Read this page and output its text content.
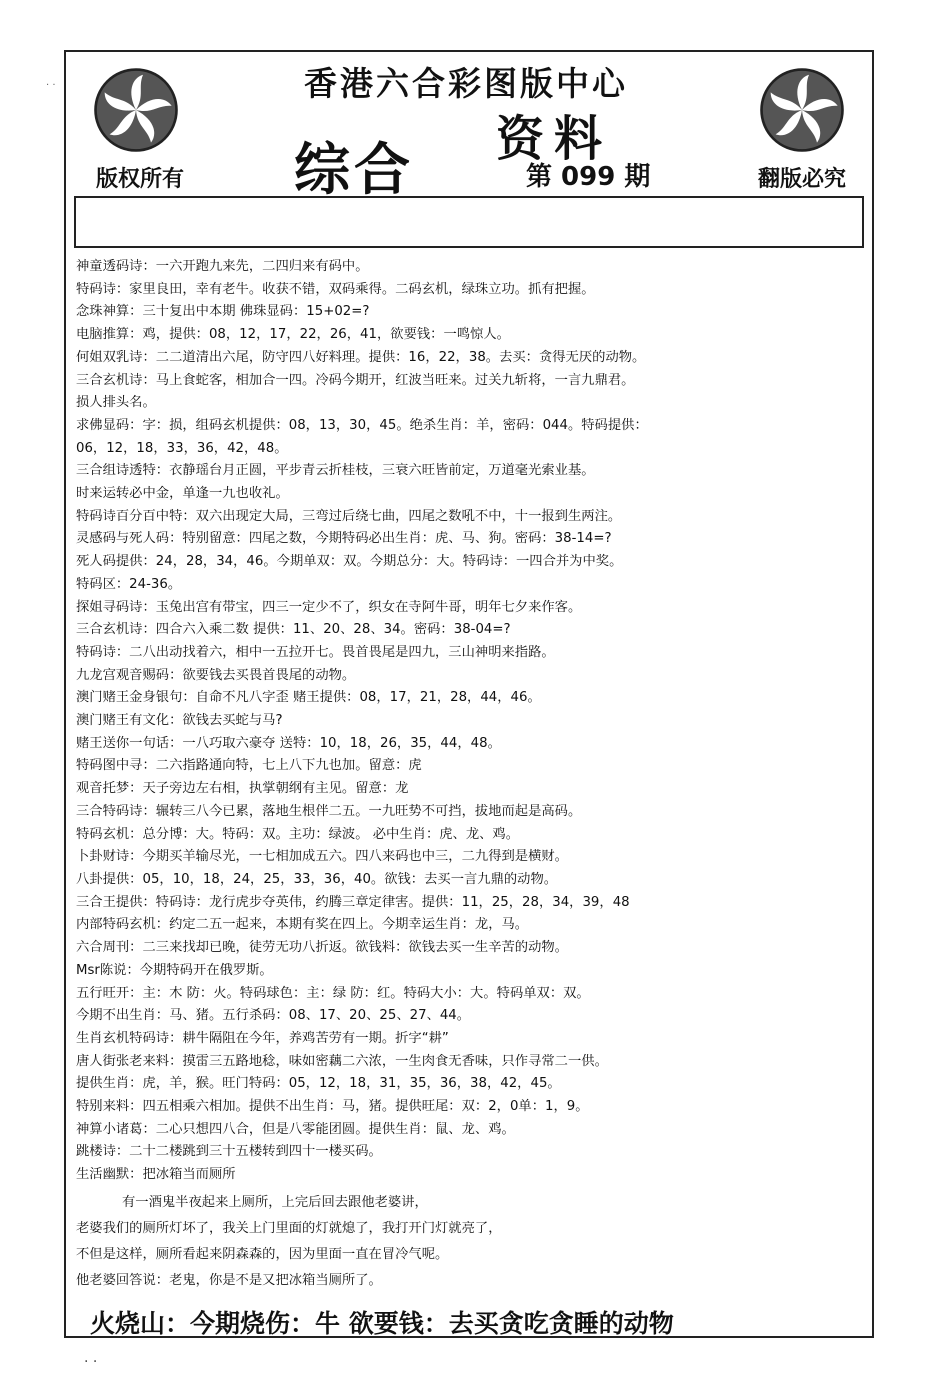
· ·	香港六合彩图版中心
资料
综合	第 099 期
版权所有	翻版必究
神童透码诗：一六开跑九来先，二四归来有码中。
特码诗：家里良田，幸有老牛。收获不错，双码乘得。二码玄机，绿珠立功。抓有把握。
念珠神算：三十复出中本期 佛珠显码：15+02=?
电脑推算：鸡，提供：08，12，17，22，26，41，欲要钱：一鸣惊人。
何姐双乳诗：二二道清出六尾，防守四八好料理。提供：16，22，38。去买：贪得无厌的动物。
三合玄机诗：马上食蛇客，相加合一四。冷码今期开，红波当旺来。过关九斩将，一言九鼎君。
损人排头名。
求佛显码：字：损，组码玄机提供：08，13，30，45。绝杀生肖：羊，密码：044。特码提供：
06，12，18，33，36，42，48。
三合组诗透特：衣静瑶台月正圆，平步青云折桂枝，三衰六旺皆前定，万道毫光索业基。
时来运转必中金，单逢一九也收礼。
特码诗百分百中特：双六出现定大局，三弯过后绕七曲，四尾之数吼不中，十一报到生两注。
灵感码与死人码：特别留意：四尾之数，今期特码必出生肖：虎、马、狗。密码：38-14=?
死人码提供：24，28，34，46。今期单双：双。今期总分：大。特码诗：一四合并为中奖。
特码区：24-36。
探姐寻码诗：玉兔出宫有带宝，四三一定少不了，织女在寺阿牛哥，明年七夕来作客。
三合玄机诗：四合六入乘二数 提供：11、20、28、34。密码：38-04=?
特码诗：二八出动找着六，相中一五拉开七。畏首畏尾是四九，三山神明来指路。
九龙宫观音赐码：欲要钱去买畏首畏尾的动物。
澳门赌王金身银句：自命不凡八字歪 赌王提供：08，17，21，28，44，46。
澳门赌王有文化：欲钱去买蛇与马?
赌王送你一句话：一八巧取六豪夺 送特：10，18，26，35，44，48。
特码图中寻：二六指路通向特，七上八下九也加。留意：虎
观音托梦：天子旁边左右相，执掌朝纲有主见。留意：龙
三合特码诗：辗转三八今已累，落地生根伴二五。一九旺势不可挡，拔地而起是高码。
特码玄机：总分博：大。特码：双。主功：绿波。 必中生肖：虎、龙、鸡。
卜卦财诗：今期买羊输尽光，一七相加成五六。四八来码也中三，二九得到是横财。
八卦提供：05，10，18，24，25，33，36，40。欲钱：去买一言九鼎的动物。
三合王提供：特码诗：龙行虎步夺英伟，约腾三章定律害。提供：11，25，28，34，39，48
内部特码玄机：约定二五一起来，本期有奖在四上。今期幸运生肖：龙，马。
六合周刊：二三来找却已晚，徒劳无功八折返。欲钱料：欲钱去买一生辛苦的动物。
Msr陈说：今期特码开在俄罗斯。
五行旺开：主：木 防：火。特码球色：主：绿 防：红。特码大小：大。特码单双：双。
今期不出生肖：马、猪。五行杀码：08、17、20、25、27、44。
生肖玄机特码诗：耕牛隔阻在今年，养鸡苦劳有一期。折字“耕”
唐人街张老来料：摸雷三五路地稔，味如密藕二六浓，一生肉食无香味，只作寻常二一供。
提供生肖：虎，羊，猴。旺门特码：05，12，18，31，35，36，38，42，45。
特别来料：四五相乘六相加。提供不出生肖：马，猪。提供旺尾：双：2，0单：1，9。
神算小诸葛：二心只想四八合，但是八零能团圆。提供生肖：鼠、龙、鸡。
跳楼诗：二十二楼跳到三十五楼转到四十一楼买码。
生活幽默：把冰箱当而厕所
有一酒鬼半夜起来上厕所，上完后回去跟他老婆讲，
老婆我们的厕所灯坏了，我关上门里面的灯就熄了，我打开门灯就亮了，
不但是这样，厕所看起来阴森森的，因为里面一直在冒冷气呢。
他老婆回答说：老鬼，你是不是又把冰箱当厕所了。
火烧山：今期烧伤：牛 欲要钱：去买贪吃贪睡的动物
· ·
